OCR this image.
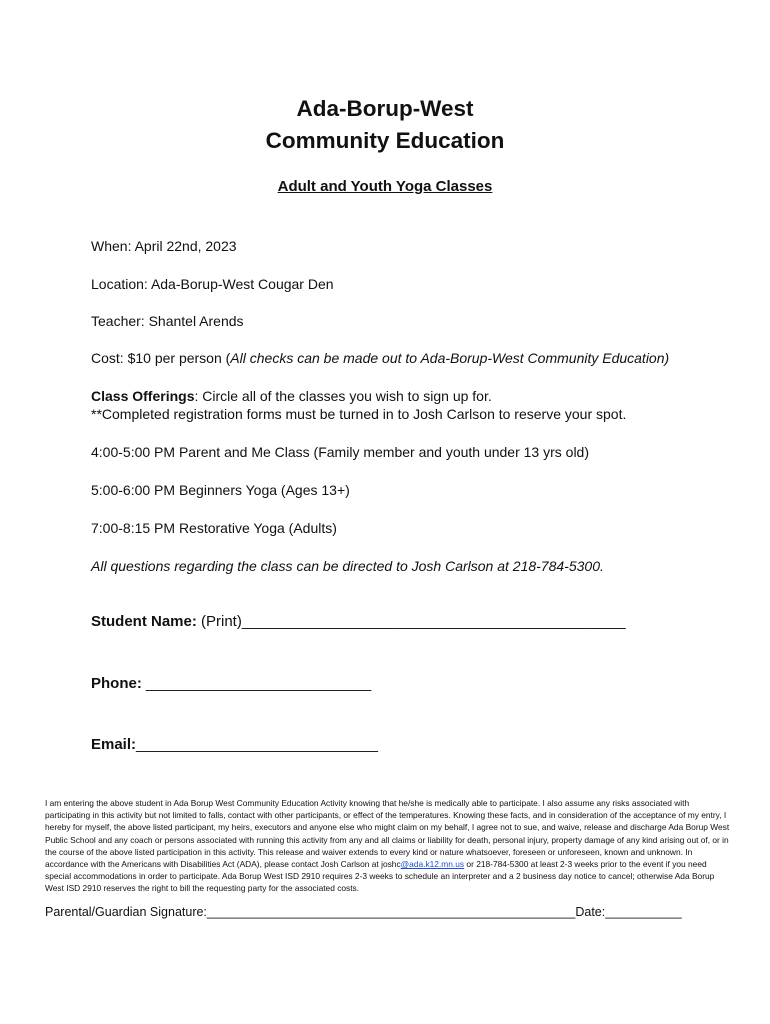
Ada-Borup-West
Community Education
Adult and Youth Yoga Classes
When: April 22nd, 2023
Location: Ada-Borup-West Cougar Den
Teacher: Shantel Arends
Cost: $10 per person (All checks can be made out to Ada-Borup-West Community Education)
Class Offerings: Circle all of the classes you wish to sign up for.
**Completed registration forms must be turned in to Josh Carlson to reserve your spot.
4:00-5:00 PM Parent and Me Class (Family member and youth under 13 yrs old)
5:00-6:00 PM Beginners Yoga (Ages 13+)
7:00-8:15 PM Restorative Yoga (Adults)
All questions regarding the class can be directed to Josh Carlson at 218-784-5300.
Student Name: (Print)______________________________________________
Phone: ___________________________
Email:_____________________________
I am entering the above student in Ada Borup West Community Education Activity knowing that he/she is medically able to participate. I also assume any risks associated with participating in this activity but not limited to falls, contact with other participants, or effect of the temperatures. Knowing these facts, and in consideration of the acceptance of my entry, I hereby for myself, the above listed participant, my heirs, executors and anyone else who might claim on my behalf, I agree not to sue, and waive, release and discharge Ada Borup West Public School and any coach or persons associated with running this activity from any and all claims or liability for death, personal injury, property damage of any kind arising out of, or in the course of the above listed participation in this activity. This release and waiver extends to every kind or nature whatsoever, foreseen or unforeseen, known and unknown. In accordance with the Americans with Disabilities Act (ADA), please contact Josh Carlson at joshc@ada.k12.mn.us or 218-784-5300 at least 2-3 weeks prior to the event if you need special accommodations in order to participate. Ada Borup West ISD 2910 requires 2-3 weeks to schedule an interpreter and a 2 business day notice to cancel; otherwise Ada Borup West ISD 2910 reserves the right to bill the requesting party for the associated costs.
Parental/Guardian Signature:_____________________________________________________Date:___________
